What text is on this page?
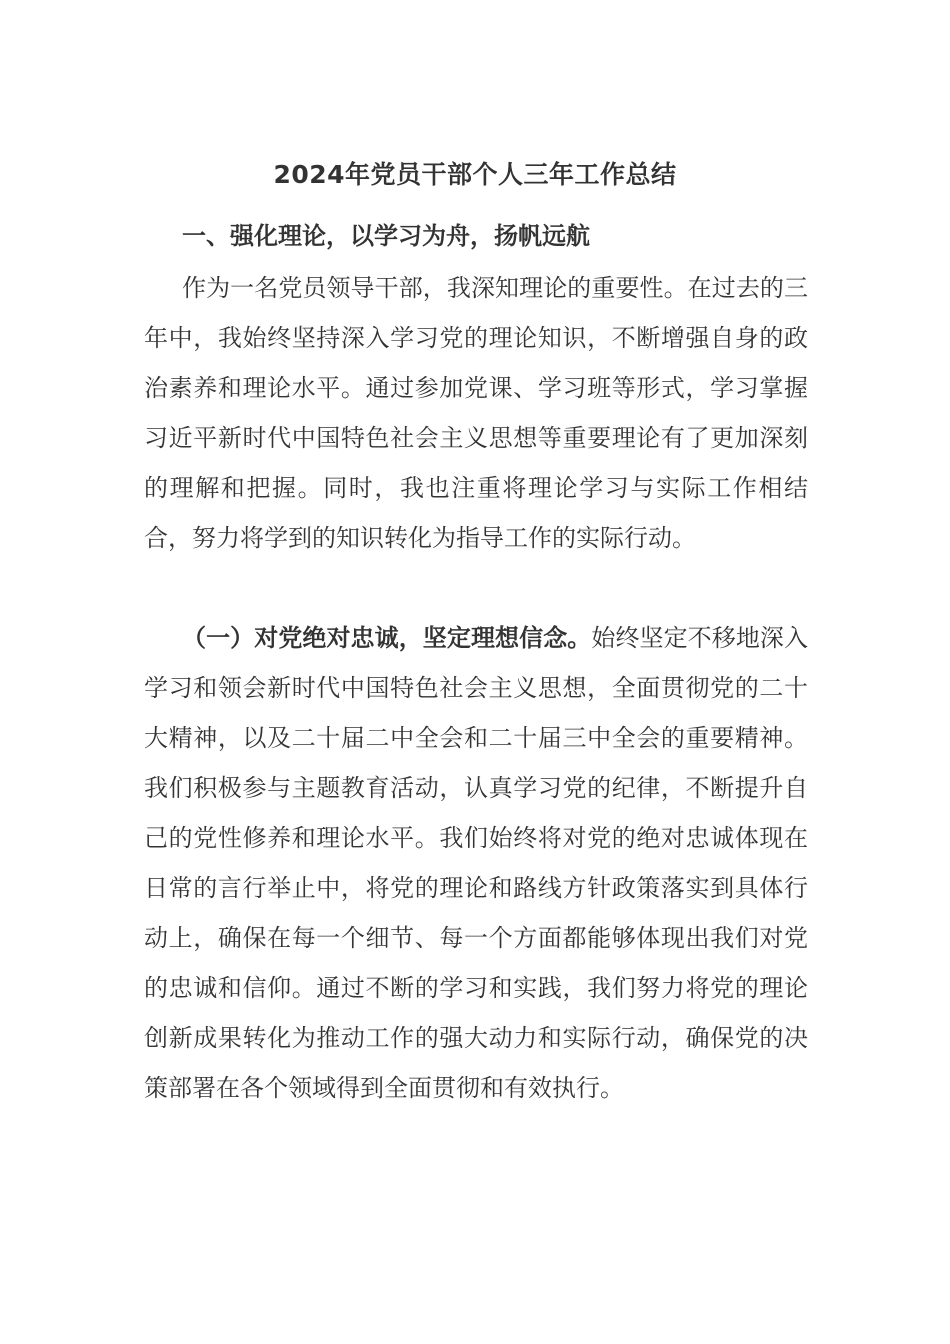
2024年党员干部个人三年工作总结
一、强化理论，以学习为舟，扬帆远航

作为一名党员领导干部，我深知理论的重要性。在过去的三年中，我始终坚持深入学习党的理论知识，不断增强自身的政治素养和理论水平。通过参加党课、学习班等形式，学习掌握习近平新时代中国特色社会主义思想等重要理论有了更加深刻的理解和把握。同时，我也注重将理论学习与实际工作相结合，努力将学到的知识转化为指导工作的实际行动。

（一）对党绝对忠诚，坚定理想信念。始终坚定不移地深入学习和领会新时代中国特色社会主义思想，全面贯彻党的二十大精神，以及二十届二中全会和二十届三中全会的重要精神。我们积极参与主题教育活动，认真学习党的纪律，不断提升自己的党性修养和理论水平。我们始终将对党的绝对忠诚体现在日常的言行举止中，将党的理论和路线方针政策落实到具体行动上，确保在每一个细节、每一个方面都能够体现出我们对党的忠诚和信仰。通过不断的学习和实践，我们努力将党的理论创新成果转化为推动工作的强大动力和实际行动，确保党的决策部署在各个领域得到全面贯彻和有效执行。
